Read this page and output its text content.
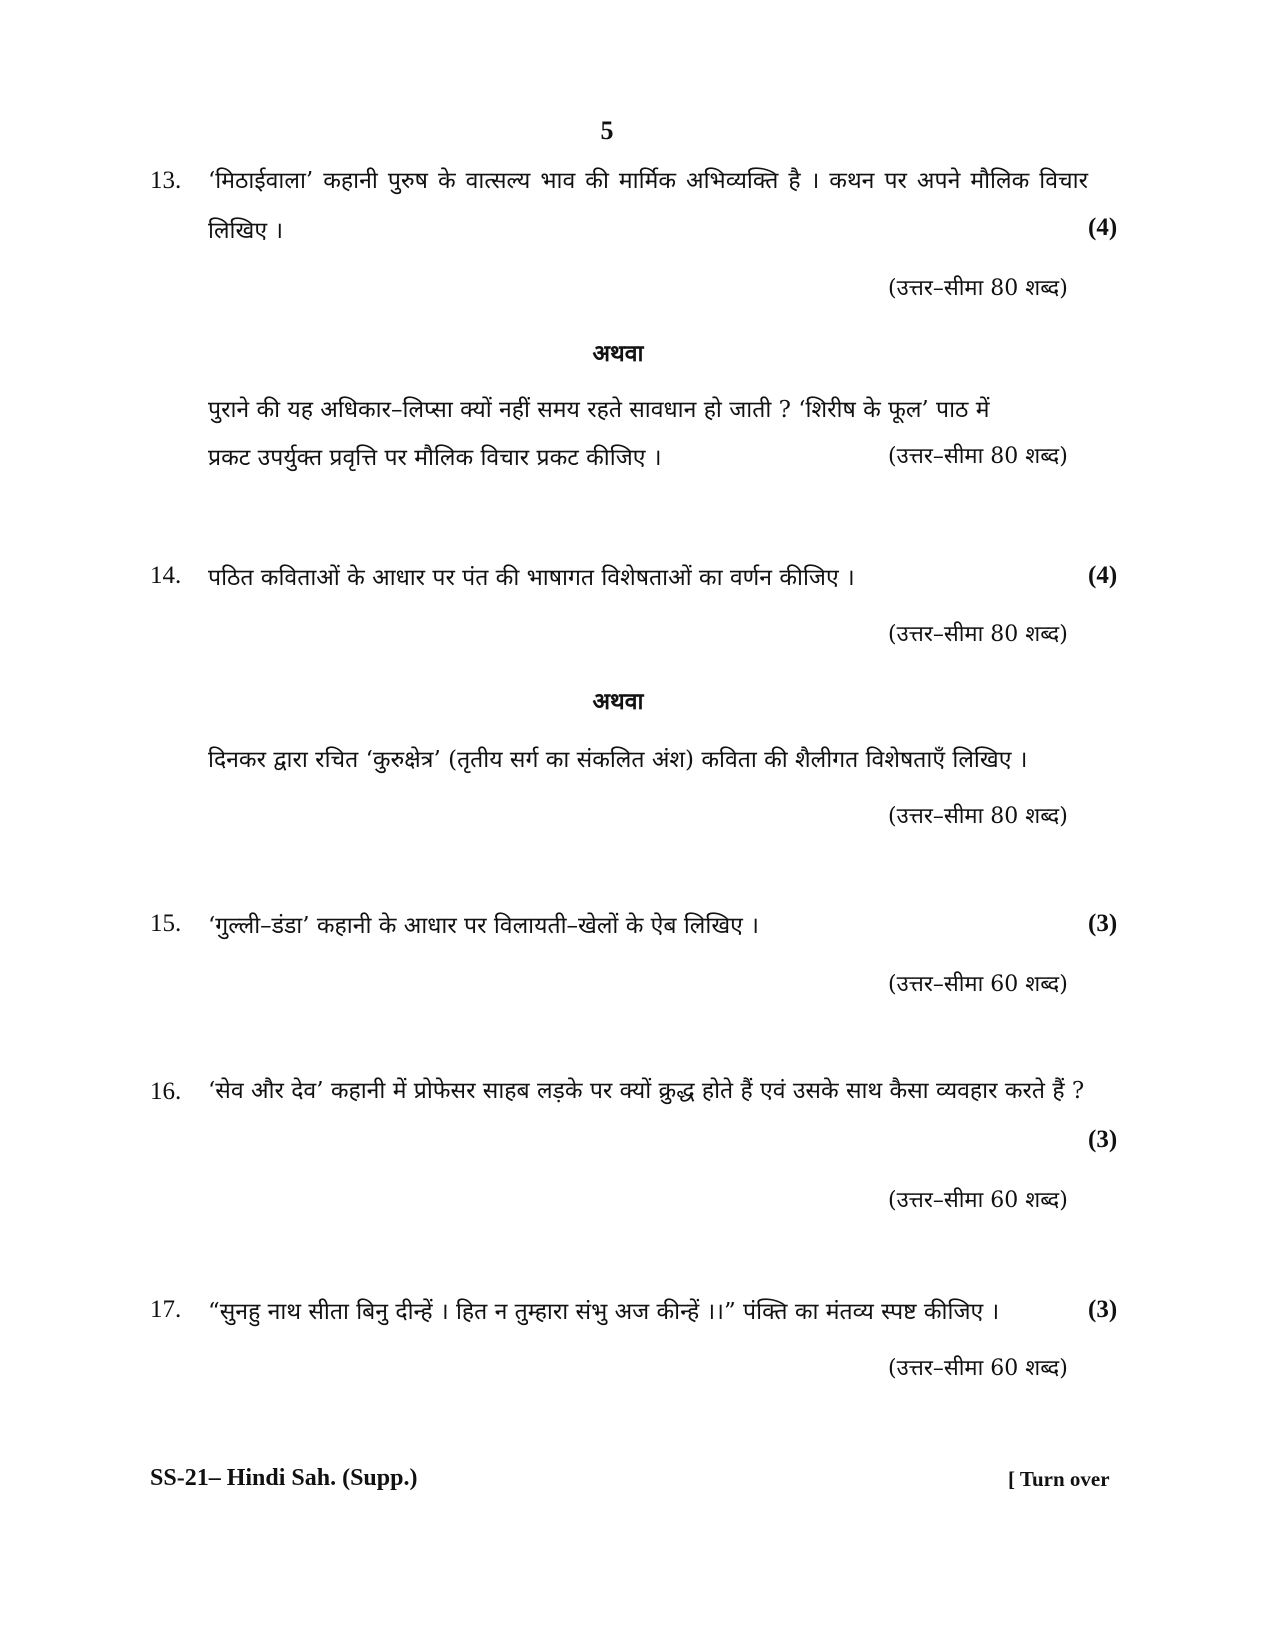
5
13. ‘मिठाईवाला’ कहानी पुरुष के वात्सल्य भाव की मार्मिक अभिव्यक्ति है । कथन पर अपने मौलिक विचार लिखिए ।	(4)
(उत्तर–सीमा 80 शब्द)
अथवा
पुराने की यह अधिकार–लिप्सा क्यों नहीं समय रहते सावधान हो जाती ? ‘शिरीष के फूल’ पाठ में
प्रकट उपर्युक्त प्रवृत्ति पर मौलिक विचार प्रकट कीजिए ।	(उत्तर–सीमा 80 शब्द)
14. पठित कविताओं के आधार पर पंत की भाषागत विशेषताओं का वर्णन कीजिए ।	(4)
(उत्तर–सीमा 80 शब्द)
अथवा
दिनकर द्वारा रचित ‘कुरुक्षेत्र’ (तृतीय सर्ग का संकलित अंश) कविता की शैलीगत विशेषताएँ लिखिए ।
(उत्तर–सीमा 80 शब्द)
15. ‘गुल्ली–डंडा’ कहानी के आधार पर विलायती–खेलों के ऐब लिखिए ।	(3)
(उत्तर–सीमा 60 शब्द)
16. ‘सेव और देव’ कहानी में प्रोफेसर साहब लड़के पर क्यों क्रुद्ध होते हैं एवं उसके साथ कैसा व्यवहार करते हैं ?
(3)
(उत्तर–सीमा 60 शब्द)
17. “सुनहु नाथ सीता बिनु दीन्हें । हित न तुम्हारा संभु अज कीन्हें ।।” पंक्ति का मंतव्य स्पष्ट कीजिए ।	(3)
(उत्तर–सीमा 60 शब्द)
SS-21– Hindi Sah. (Supp.)	[ Turn over
